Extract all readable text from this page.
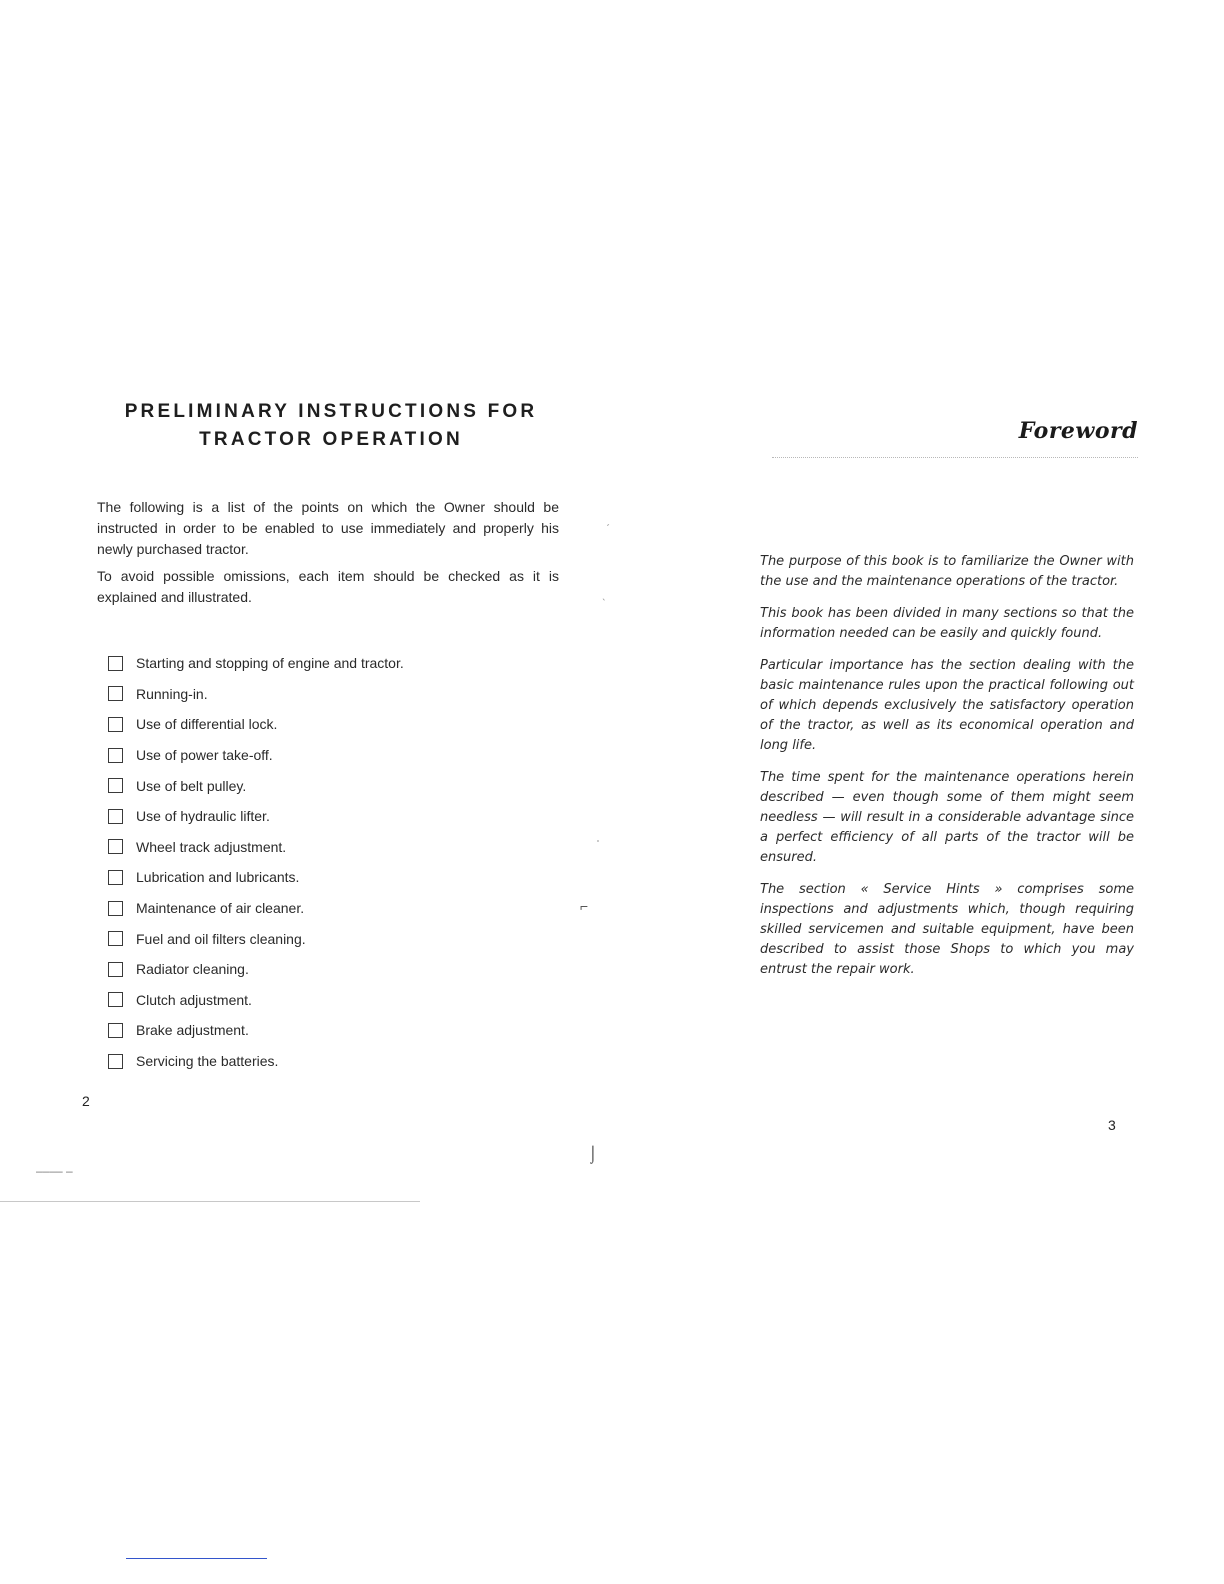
PRELIMINARY INSTRUCTIONS FOR
TRACTOR OPERATION

The following is a list of the points on which the Owner should be instructed in order to be enabled to use immediately and properly his newly purchased tractor.

To avoid possible omissions, each item should be checked as it is explained and illustrated.

Starting and stopping of engine and tractor.
Running-in.
Use of differential lock.
Use of power take-off.
Use of belt pulley.
Use of hydraulic lifter.
Wheel track adjustment.
Lubrication and lubricants.
Maintenance of air cleaner.
Fuel and oil filters cleaning.
Radiator cleaning.
Clutch adjustment.
Brake adjustment.
Servicing the batteries.
2
ˊ
ˎ
ˈ
⌐
⌡
‒‒‒‒ ‒
Foreword

The purpose of this book is to familiarize the Owner with the use and the maintenance operations of the tractor.

This book has been divided in many sections so that the information needed can be easily and quickly found.

Particular importance has the section dealing with the basic maintenance rules upon the practical following out of which depends exclusively the satisfactory operation of the tractor, as well as its economical operation and long life.

The time spent for the maintenance operations herein described — even though some of them might seem needless — will result in a considerable advantage since a perfect efficiency of all parts of the tractor will be ensured.

The section « Service Hints » comprises some inspections and adjustments which, though requiring skilled servicemen and suitable equipment, have been described to assist those Shops to which you may entrust the repair work.

3
